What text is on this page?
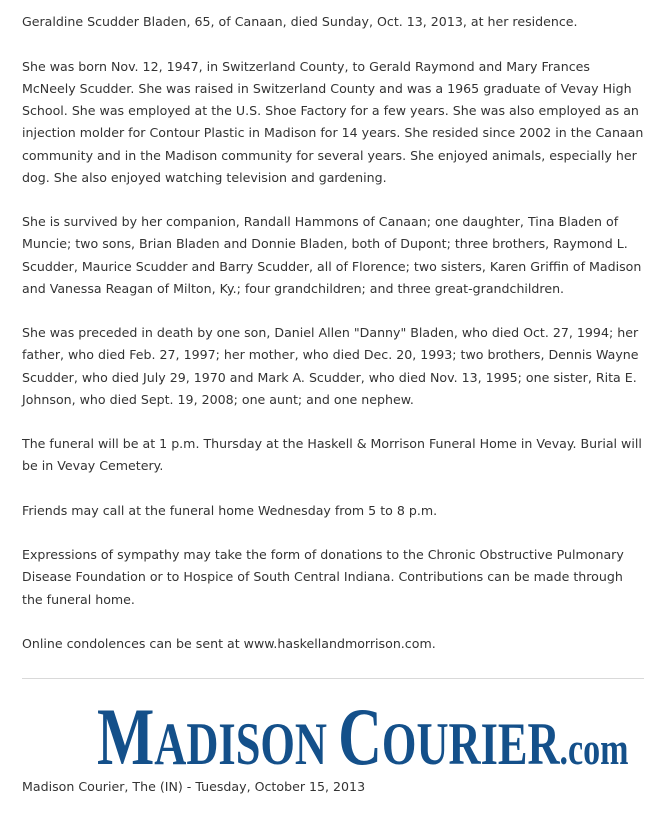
Geraldine Scudder Bladen, 65, of Canaan, died Sunday, Oct. 13, 2013, at her residence.

She was born Nov. 12, 1947, in Switzerland County, to Gerald Raymond and Mary Frances McNeely Scudder. She was raised in Switzerland County and was a 1965 graduate of Vevay High School. She was employed at the U.S. Shoe Factory for a few years. She was also employed as an injection molder for Contour Plastic in Madison for 14 years. She resided since 2002 in the Canaan community and in the Madison community for several years. She enjoyed animals, especially her dog. She also enjoyed watching television and gardening.

She is survived by her companion, Randall Hammons of Canaan; one daughter, Tina Bladen of Muncie; two sons, Brian Bladen and Donnie Bladen, both of Dupont; three brothers, Raymond L. Scudder, Maurice Scudder and Barry Scudder, all of Florence; two sisters, Karen Griffin of Madison and Vanessa Reagan of Milton, Ky.; four grandchildren; and three great-grandchildren.

She was preceded in death by one son, Daniel Allen "Danny" Bladen, who died Oct. 27, 1994; her father, who died Feb. 27, 1997; her mother, who died Dec. 20, 1993; two brothers, Dennis Wayne Scudder, who died July 29, 1970 and Mark A. Scudder, who died Nov. 13, 1995; one sister, Rita E. Johnson, who died Sept. 19, 2008; one aunt; and one nephew.

The funeral will be at 1 p.m. Thursday at the Haskell & Morrison Funeral Home in Vevay. Burial will be in Vevay Cemetery.

Friends may call at the funeral home Wednesday from 5 to 8 p.m.

Expressions of sympathy may take the form of donations to the Chronic Obstructive Pulmonary Disease Foundation or to Hospice of South Central Indiana. Contributions can be made through the funeral home.

Online condolences can be sent at www.haskellandmorrison.com.

MADISON COURIER.com
Madison Courier, The (IN) - Tuesday, October 15, 2013
